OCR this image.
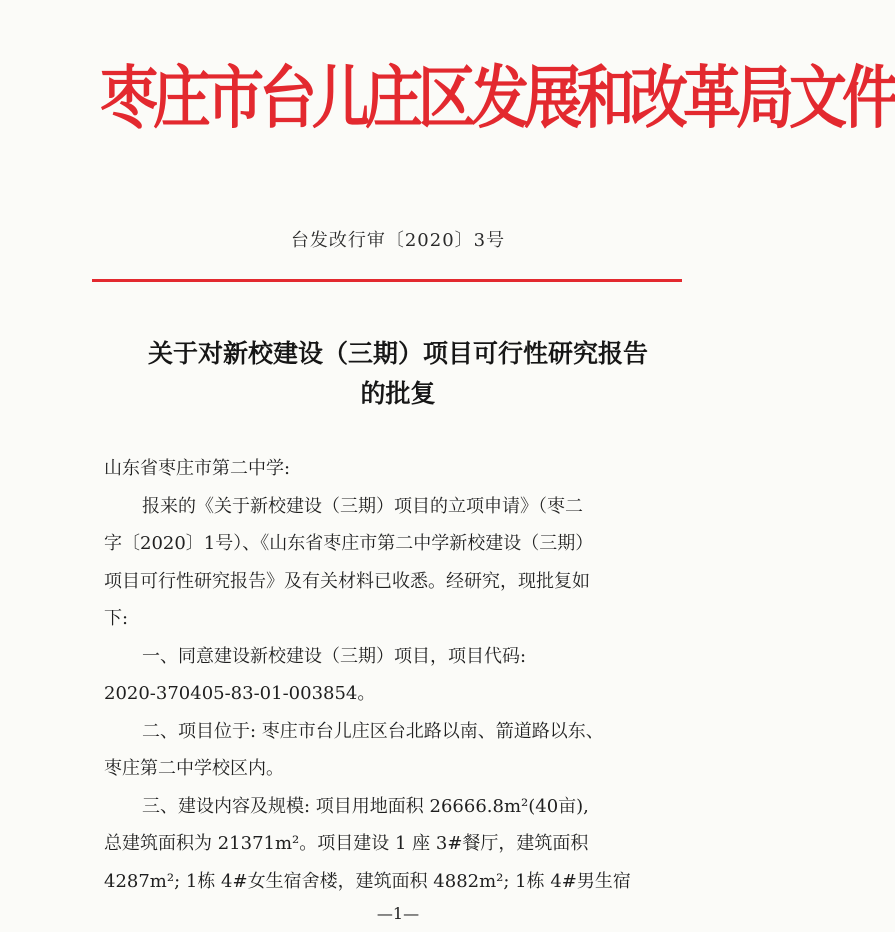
枣庄市台儿庄区发展和改革局文件
台发改行审〔2020〕3号
关于对新校建设（三期）项目可行性研究报告
的批复

山东省枣庄市第二中学:

报来的《关于新校建设（三期）项目的立项申请》（枣二

字〔2020〕1号）、《山东省枣庄市第二中学新校建设（三期）

项目可行性研究报告》及有关材料已收悉。经研究，现批复如

下:

一、同意建设新校建设（三期）项目，项目代码:

2020-370405-83-01-003854。

二、项目位于: 枣庄市台儿庄区台北路以南、箭道路以东、

枣庄第二中学校区内。

三、建设内容及规模: 项目用地面积 26666.8m²(40亩),

总建筑面积为 21371m²。项目建设 1 座 3#餐厅，建筑面积

4287m²; 1栋 4#女生宿舍楼，建筑面积 4882m²; 1栋 4#男生宿

—1—
